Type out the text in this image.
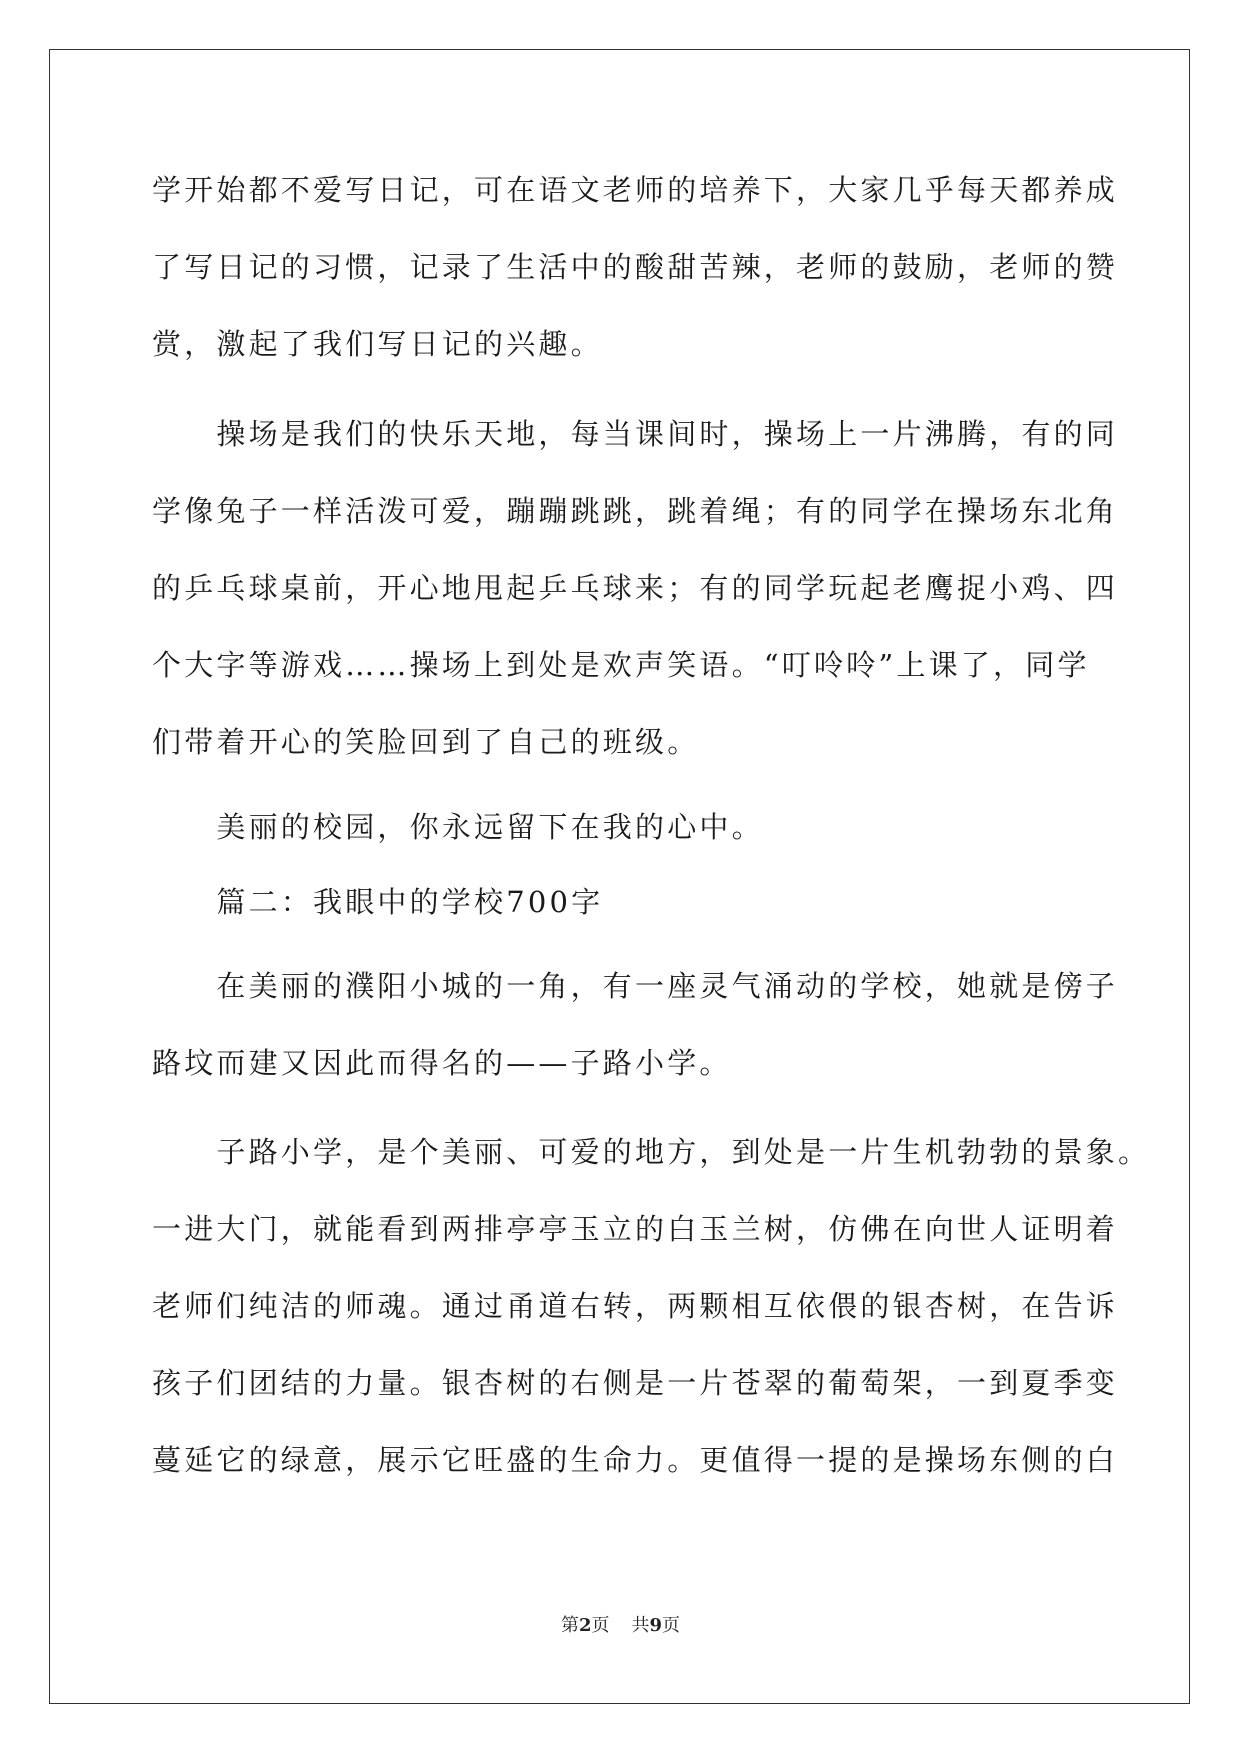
学开始都不爱写日记，可在语文老师的培养下，大家几乎每天都养成
了写日记的习惯，记录了生活中的酸甜苦辣，老师的鼓励，老师的赞
赏，激起了我们写日记的兴趣。
　　操场是我们的快乐天地，每当课间时，操场上一片沸腾，有的同
学像兔子一样活泼可爱，蹦蹦跳跳，跳着绳；有的同学在操场东北角
的乒乓球桌前，开心地甩起乒乓球来；有的同学玩起老鹰捉小鸡、四
个大字等游戏……操场上到处是欢声笑语。“叮呤呤”上课了，同学
们带着开心的笑脸回到了自己的班级。
　　美丽的校园，你永远留下在我的心中。
　　篇二：我眼中的学校700字
　　在美丽的濮阳小城的一角，有一座灵气涌动的学校，她就是傍子
路坟而建又因此而得名的——子路小学。
　　子路小学，是个美丽、可爱的地方，到处是一片生机勃勃的景象。
一进大门，就能看到两排亭亭玉立的白玉兰树，仿佛在向世人证明着
老师们纯洁的师魂。通过甬道右转，两颗相互依偎的银杏树，在告诉
孩子们团结的力量。银杏树的右侧是一片苍翠的葡萄架，一到夏季变
蔓延它的绿意，展示它旺盛的生命力。更值得一提的是操场东侧的白
第2页 共9页
